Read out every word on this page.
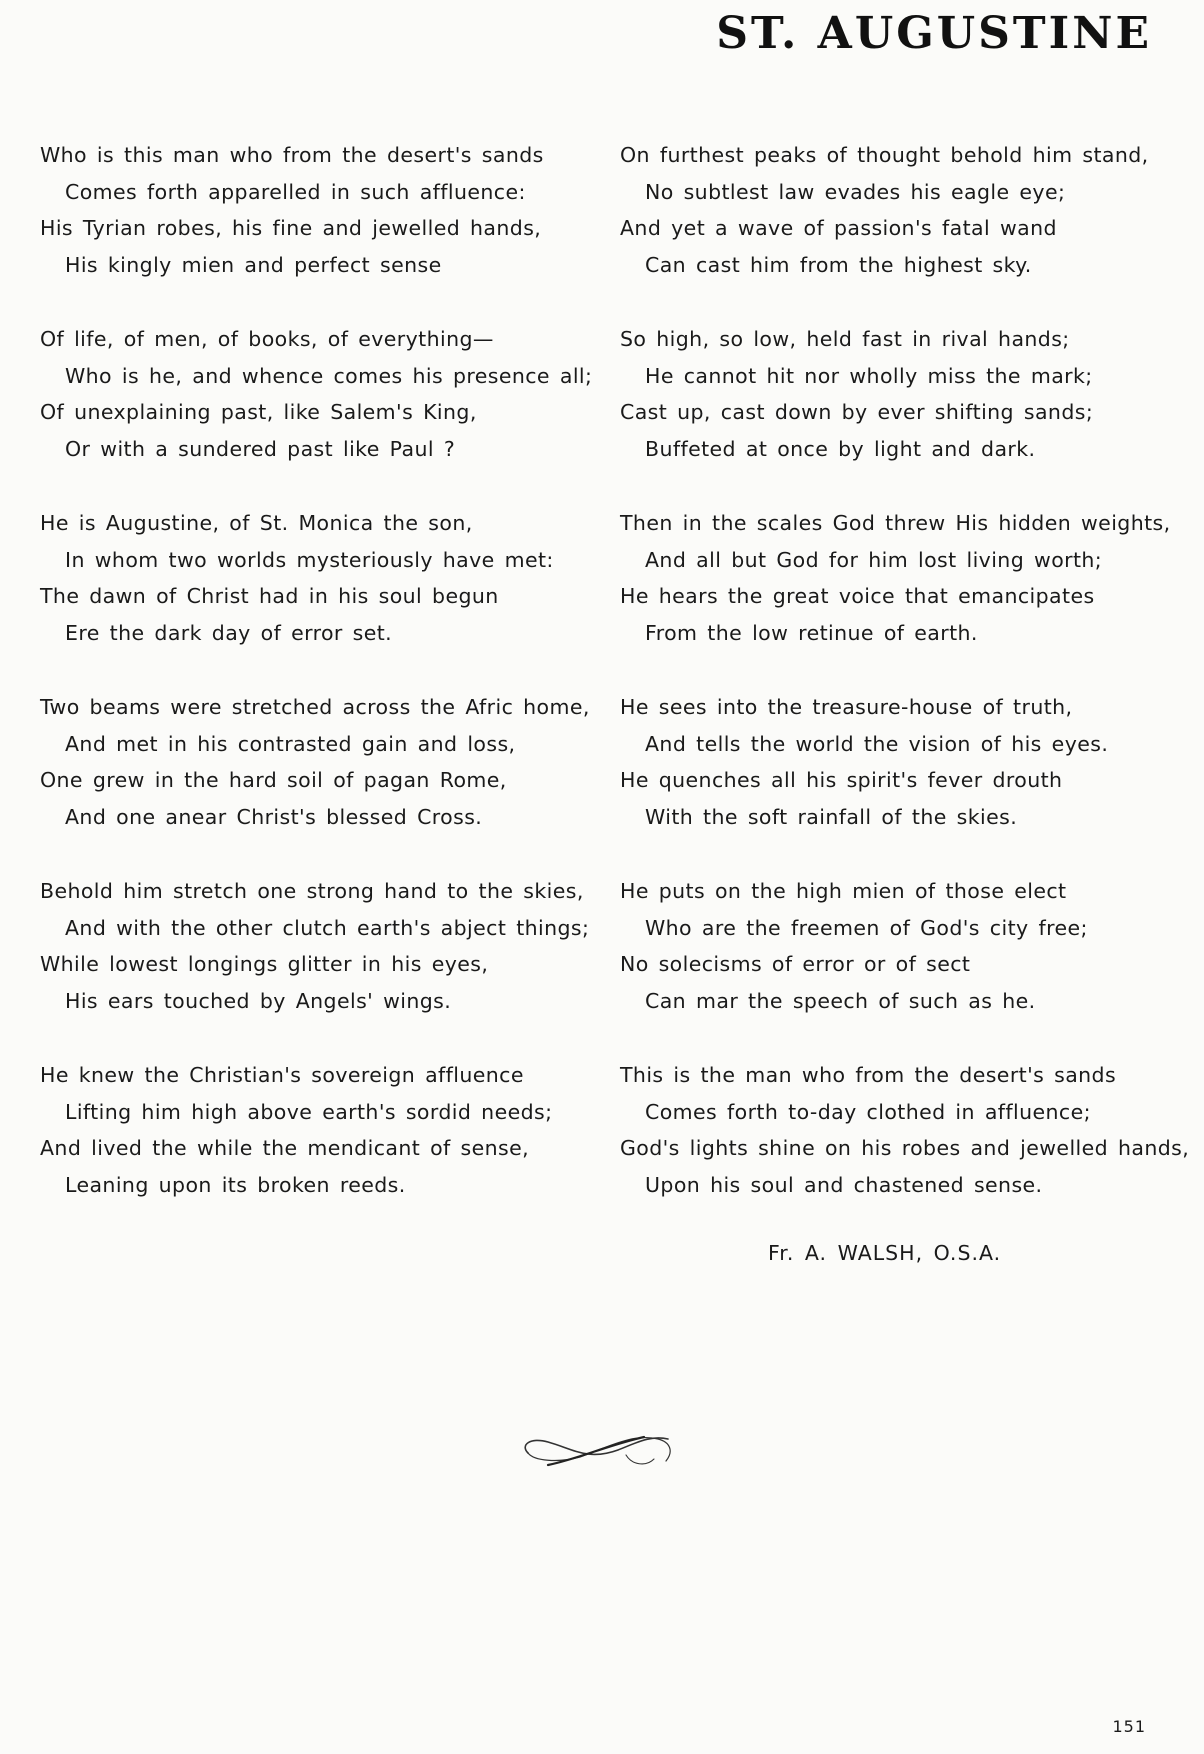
ST. AUGUSTINE
Who is this man who from the desert's sands
Comes forth apparelled in such affluence:
His Tyrian robes, his fine and jewelled hands,
His kingly mien and perfect sense
Of life, of men, of books, of everything—
Who is he, and whence comes his presence all;
Of unexplaining past, like Salem's King,
Or with a sundered past like Paul ?
He is Augustine, of St. Monica the son,
In whom two worlds mysteriously have met:
The dawn of Christ had in his soul begun
Ere the dark day of error set.
Two beams were stretched across the Afric home,
And met in his contrasted gain and loss,
One grew in the hard soil of pagan Rome,
And one anear Christ's blessed Cross.
Behold him stretch one strong hand to the skies,
And with the other clutch earth's abject things;
While lowest longings glitter in his eyes,
His ears touched by Angels' wings.
He knew the Christian's sovereign affluence
Lifting him high above earth's sordid needs;
And lived the while the mendicant of sense,
Leaning upon its broken reeds.
On furthest peaks of thought behold him stand,
No subtlest law evades his eagle eye;
And yet a wave of passion's fatal wand
Can cast him from the highest sky.
So high, so low, held fast in rival hands;
He cannot hit nor wholly miss the mark;
Cast up, cast down by ever shifting sands;
Buffeted at once by light and dark.
Then in the scales God threw His hidden weights,
And all but God for him lost living worth;
He hears the great voice that emancipates
From the low retinue of earth.
He sees into the treasure-house of truth,
And tells the world the vision of his eyes.
He quenches all his spirit's fever drouth
With the soft rainfall of the skies.
He puts on the high mien of those elect
Who are the freemen of God's city free;
No solecisms of error or of sect
Can mar the speech of such as he.
This is the man who from the desert's sands
Comes forth to-day clothed in affluence;
God's lights shine on his robes and jewelled hands,
Upon his soul and chastened sense.
Fr. A. WALSH, O.S.A.
151
